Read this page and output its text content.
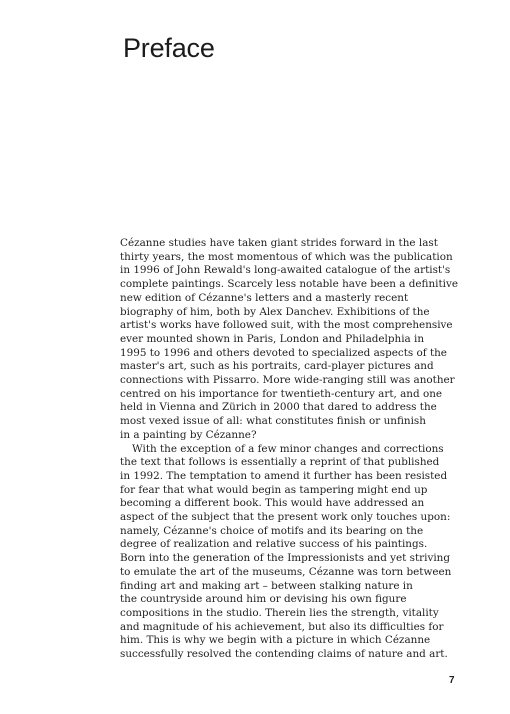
Preface
Cézanne studies have taken giant strides forward in the last
thirty years, the most momentous of which was the publication
in 1996 of John Rewald's long-awaited catalogue of the artist's
complete paintings. Scarcely less notable have been a definitive
new edition of Cézanne's letters and a masterly recent
biography of him, both by Alex Danchev. Exhibitions of the
artist's works have followed suit, with the most comprehensive
ever mounted shown in Paris, London and Philadelphia in
1995 to 1996 and others devoted to specialized aspects of the
master's art, such as his portraits, card-player pictures and
connections with Pissarro. More wide-ranging still was another
centred on his importance for twentieth-century art, and one
held in Vienna and Zürich in 2000 that dared to address the
most vexed issue of all: what constitutes finish or unfinish
in a painting by Cézanne?
With the exception of a few minor changes and corrections
the text that follows is essentially a reprint of that published
in 1992. The temptation to amend it further has been resisted
for fear that what would begin as tampering might end up
becoming a different book. This would have addressed an
aspect of the subject that the present work only touches upon:
namely, Cézanne's choice of motifs and its bearing on the
degree of realization and relative success of his paintings.
Born into the generation of the Impressionists and yet striving
to emulate the art of the museums, Cézanne was torn between
finding art and making art – between stalking nature in
the countryside around him or devising his own figure
compositions in the studio. Therein lies the strength, vitality
and magnitude of his achievement, but also its difficulties for
him. This is why we begin with a picture in which Cézanne
successfully resolved the contending claims of nature and art.
7
